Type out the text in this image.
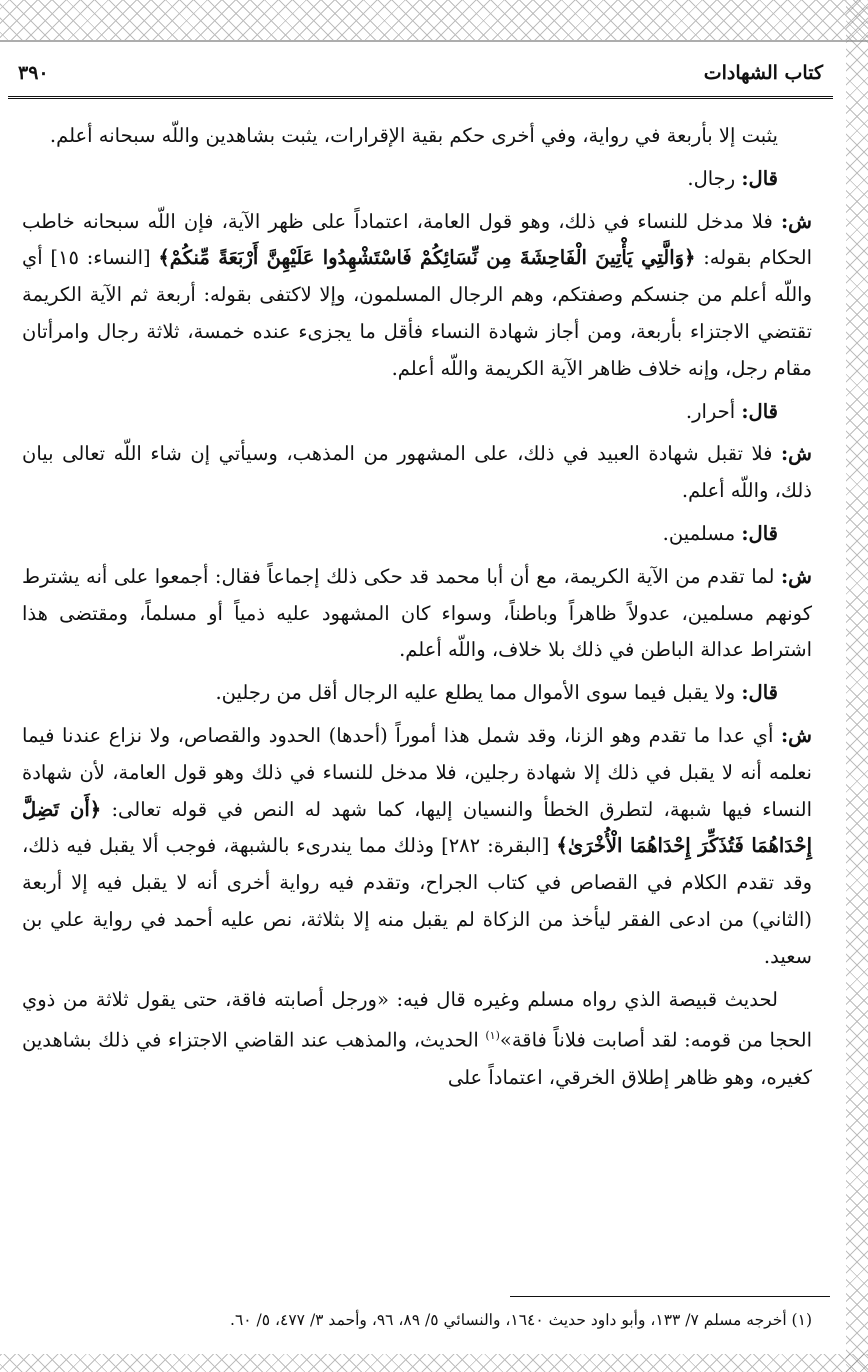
كتاب الشهادات
٣٩٠

يثبت إلا بأربعة في رواية، وفي أخرى حكم بقية الإقرارات، يثبت بشاهدين واللّه سبحانه أعلم.

قال: رجال.

ش: فلا مدخل للنساء في ذلك، وهو قول العامة، اعتماداً على ظهر الآية، فإن اللّه سبحانه خاطب الحكام بقوله: ﴿وَالَّتِي يَأْتِينَ الْفَاحِشَةَ مِن نِّسَائِكُمْ فَاسْتَشْهِدُوا عَلَيْهِنَّ أَرْبَعَةً مِّنكُمْ﴾ [النساء: ١٥] أي واللّه أعلم من جنسكم وصفتكم، وهم الرجال المسلمون، وإلا لاكتفى بقوله: أربعة ثم الآية الكريمة تقتضي الاجتزاء بأربعة، ومن أجاز شهادة النساء فأقل ما يجزىء عنده خمسة، ثلاثة رجال وامرأتان مقام رجل، وإنه خلاف ظاهر الآية الكريمة واللّه أعلم.

قال: أحرار.

ش: فلا تقبل شهادة العبيد في ذلك، على المشهور من المذهب، وسيأتي إن شاء اللّه تعالى بيان ذلك، واللّه أعلم.

قال: مسلمين.

ش: لما تقدم من الآية الكريمة، مع أن أبا محمد قد حكى ذلك إجماعاً فقال: أجمعوا على أنه يشترط كونهم مسلمين، عدولاً ظاهراً وباطناً، وسواء كان المشهود عليه ذمياً أو مسلماً، ومقتضى هذا اشتراط عدالة الباطن في ذلك بلا خلاف، واللّه أعلم.

قال: ولا يقبل فيما سوى الأموال مما يطلع عليه الرجال أقل من رجلين.

ش: أي عدا ما تقدم وهو الزنا، وقد شمل هذا أموراً (أحدها) الحدود والقصاص، ولا نزاع عندنا فيما نعلمه أنه لا يقبل في ذلك إلا شهادة رجلين، فلا مدخل للنساء في ذلك وهو قول العامة، لأن شهادة النساء فيها شبهة، لتطرق الخطأ والنسيان إليها، كما شهد له النص في قوله تعالى: ﴿أَن تَضِلَّ إِحْدَاهُمَا فَتُذَكِّرَ إِحْدَاهُمَا الْأُخْرَىٰ﴾ [البقرة: ٢٨٢] وذلك مما يندرىء بالشبهة، فوجب ألا يقبل فيه ذلك، وقد تقدم الكلام في القصاص في كتاب الجراح، وتقدم فيه رواية أخرى أنه لا يقبل فيه إلا أربعة (الثاني) من ادعى الفقر ليأخذ من الزكاة لم يقبل منه إلا بثلاثة، نص عليه أحمد في رواية علي بن سعيد.

لحديث قبيصة الذي رواه مسلم وغيره قال فيه: «ورجل أصابته فاقة، حتى يقول ثلاثة من ذوي الحجا من قومه: لقد أصابت فلاناً فاقة»$^{(١)}$ الحديث، والمذهب عند القاضي الاجتزاء في ذلك بشاهدين كغيره، وهو ظاهر إطلاق الخرقي، اعتماداً على

(١) أخرجه مسلم ٧/ ١٣٣، وأبو داود حديث ١٦٤٠، والنسائي ٥/ ٨٩، ٩٦، وأحمد ٣/ ٤٧٧، ٥/ ٦٠.
